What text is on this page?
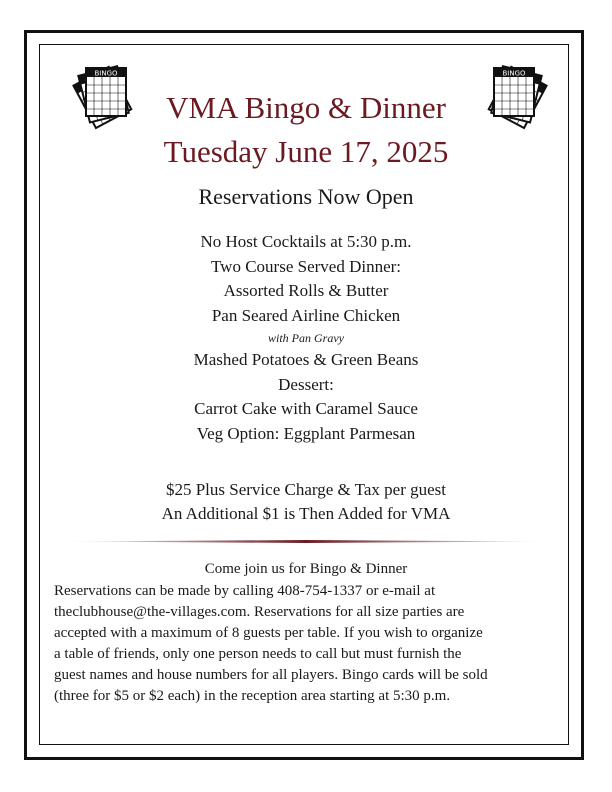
BINGO	BINGO
VMA Bingo & Dinner
Tuesday June 17, 2025
Reservations Now Open
No Host Cocktails at 5:30 p.m.
Two Course Served Dinner:
Assorted Rolls & Butter
Pan Seared Airline Chicken
with Pan Gravy
Mashed Potatoes & Green Beans
Dessert:
Carrot Cake with Caramel Sauce
Veg Option: Eggplant Parmesan
$25 Plus Service Charge & Tax per guest
An Additional $1 is Then Added for VMA
Come join us for Bingo & Dinner
Reservations can be made by calling 408-754-1337 or e-mail at
theclubhouse@the-villages.com. Reservations for all size parties are
accepted with a maximum of 8 guests per table. If you wish to organize
a table of friends, only one person needs to call but must furnish the
guest names and house numbers for all players. Bingo cards will be sold
(three for $5 or $2 each) in the reception area starting at 5:30 p.m.
